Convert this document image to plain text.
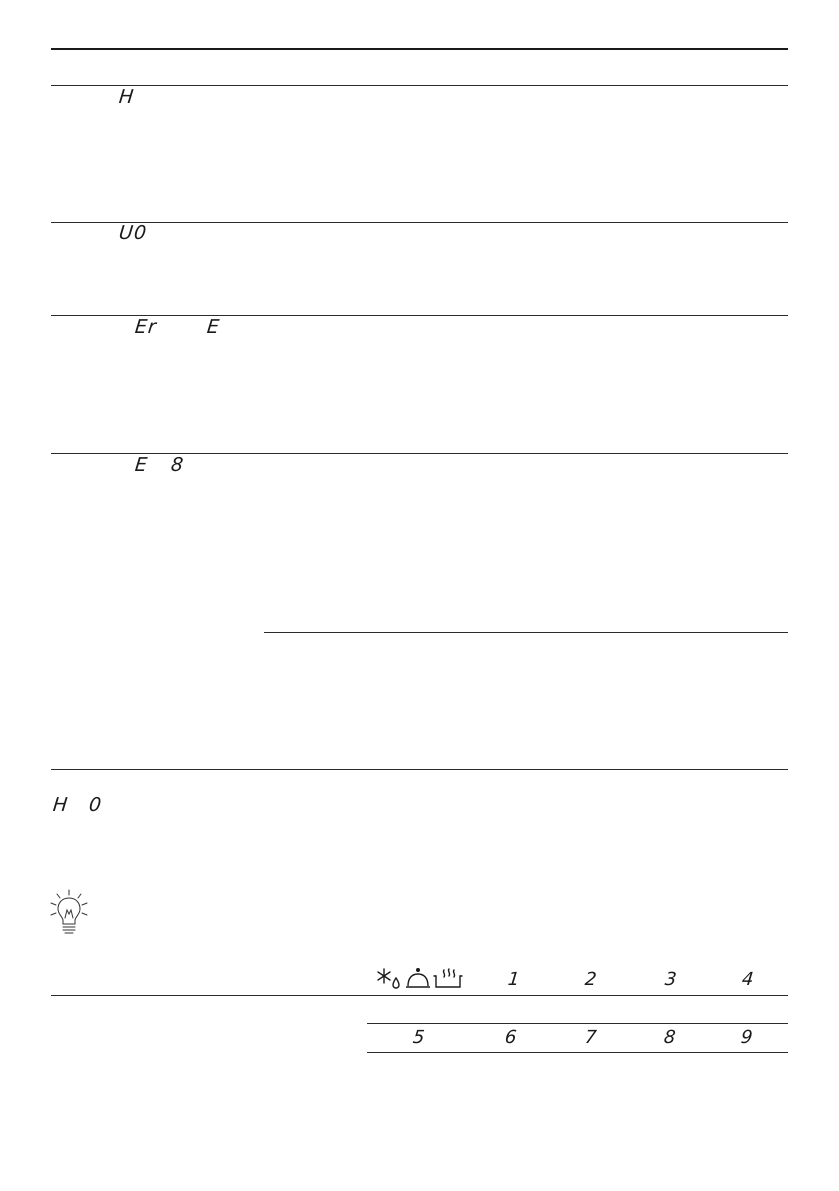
H
U0
Er	E
E 8
H 0
1	2	3	4
5	6	7	8	9
